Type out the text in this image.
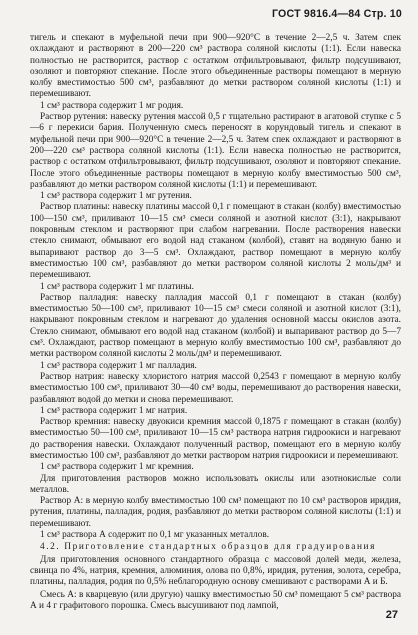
ГОСТ 9816.4—84 Стр. 10

тигель и спекают в муфельной печи при 900—920°С в течение 2—2,5 ч. Затем спек охлаждают и растворяют в 200—220 см³ раствора соляной кислоты (1:1). Если навеска полностью не растворится, раствор с остатком отфильтровывают, фильтр подсушивают, озоляют и повторяют спекание. После этого объединенные растворы помещают в мерную колбу вместимостью 500 см³, разбавляют до метки раствором соляной кислоты (1:1) и перемешивают.

1 см³ раствора содержит 1 мг родия.

Раствор рутения: навеску рутения массой 0,5 г тщательно растирают в агатовой ступке с 5—6 г перекиси бария. Полученную смесь переносят в корундовый тигель и спекают в муфельной печи при 900—920°С в течение 2—2,5 ч. Затем спек охлаждают и растворяют в 200—220 см³ раствора соляной кислоты (1:1). Если навеска полностью не растворится, раствор с остатком отфильтровывают, фильтр подсушивают, озоляют и повторяют спекание. После этого объединенные растворы помещают в мерную колбу вместимостью 500 см³, разбавляют до метки раствором соляной кислоты (1:1) и перемешивают.

1 см³ раствора содержит 1 мг рутения.

Раствор платины: навеску платины массой 0,1 г помещают в стакан (колбу) вместимостью 100—150 см³, приливают 10—15 см³ смеси соляной и азотной кислот (3:1), накрывают покровным стеклом и растворяют при слабом нагревании. После растворения навески стекло снимают, обмывают его водой над стаканом (колбой), ставят на водяную баню и выпаривают раствор до 3—5 см³. Охлаждают, раствор помещают в мерную колбу вместимостью 100 см³, разбавляют до метки раствором соляной кислоты 2 моль/дм³ и перемешивают.

1 см³ раствора содержит 1 мг платины.

Раствор палладия: навеску палладия массой 0,1 г помещают в стакан (колбу) вместимостью 50—100 см³, приливают 10—15 см³ смеси соляной и азотной кислот (3:1), накрывают покровным стеклом и нагревают до удаления основной массы окислов азота. Стекло снимают, обмывают его водой над стаканом (колбой) и выпаривают раствор до 5—7 см³. Охлаждают, раствор помещают в мерную колбу вместимостью 100 см³, разбавляют до метки раствором соляной кислоты 2 моль/дм³ и перемешивают.

1 см³ раствора содержит 1 мг палладия.

Раствор натрия: навеску хлористого натрия массой 0,2543 г помещают в мерную колбу вместимостью 100 см³, приливают 30—40 см³ воды, перемешивают до растворения навески, разбавляют водой до метки и снова перемешивают.

1 см³ раствора содержит 1 мг натрия.

Раствор кремния: навеску двуокиси кремния массой 0,1875 г помещают в стакан (колбу) вместимостью 50—100 см³, приливают 10—15 см³ раствора натрия гидроокиси и нагревают до растворения навески. Охлаждают полученный раствор, помещают его в мерную колбу вместимостью 100 см³, разбавляют до метки раствором натрия гидроокиси и перемешивают.

1 см³ раствора содержит 1 мг кремния.

Для приготовления растворов можно использовать окислы или азотнокислые соли металлов.

Раствор А: в мерную колбу вместимостью 100 см³ помещают по 10 см³ растворов иридия, рутения, платины, палладия, родия, разбавляют до метки раствором соляной кислоты (1:1) и перемешивают.

1 см³ раствора А содержит по 0,1 мг указанных металлов.

4.2. Приготовление стандартных образцов для градуирования

Для приготовления основного стандартного образца с массовой долей меди, железа, свинца по 4%, натрия, кремния, алюминия, олова по 0,8%, иридия, рутения, золота, серебра, платины, палладия, родия по 0,5% неблагородную основу смешивают с растворами А и Б.

Смесь А: в кварцевую (или другую) чашку вместимостью 50 см³ помещают 5 см³ раствора А и 4 г графитового порошка. Смесь высушивают под лампой,

27
